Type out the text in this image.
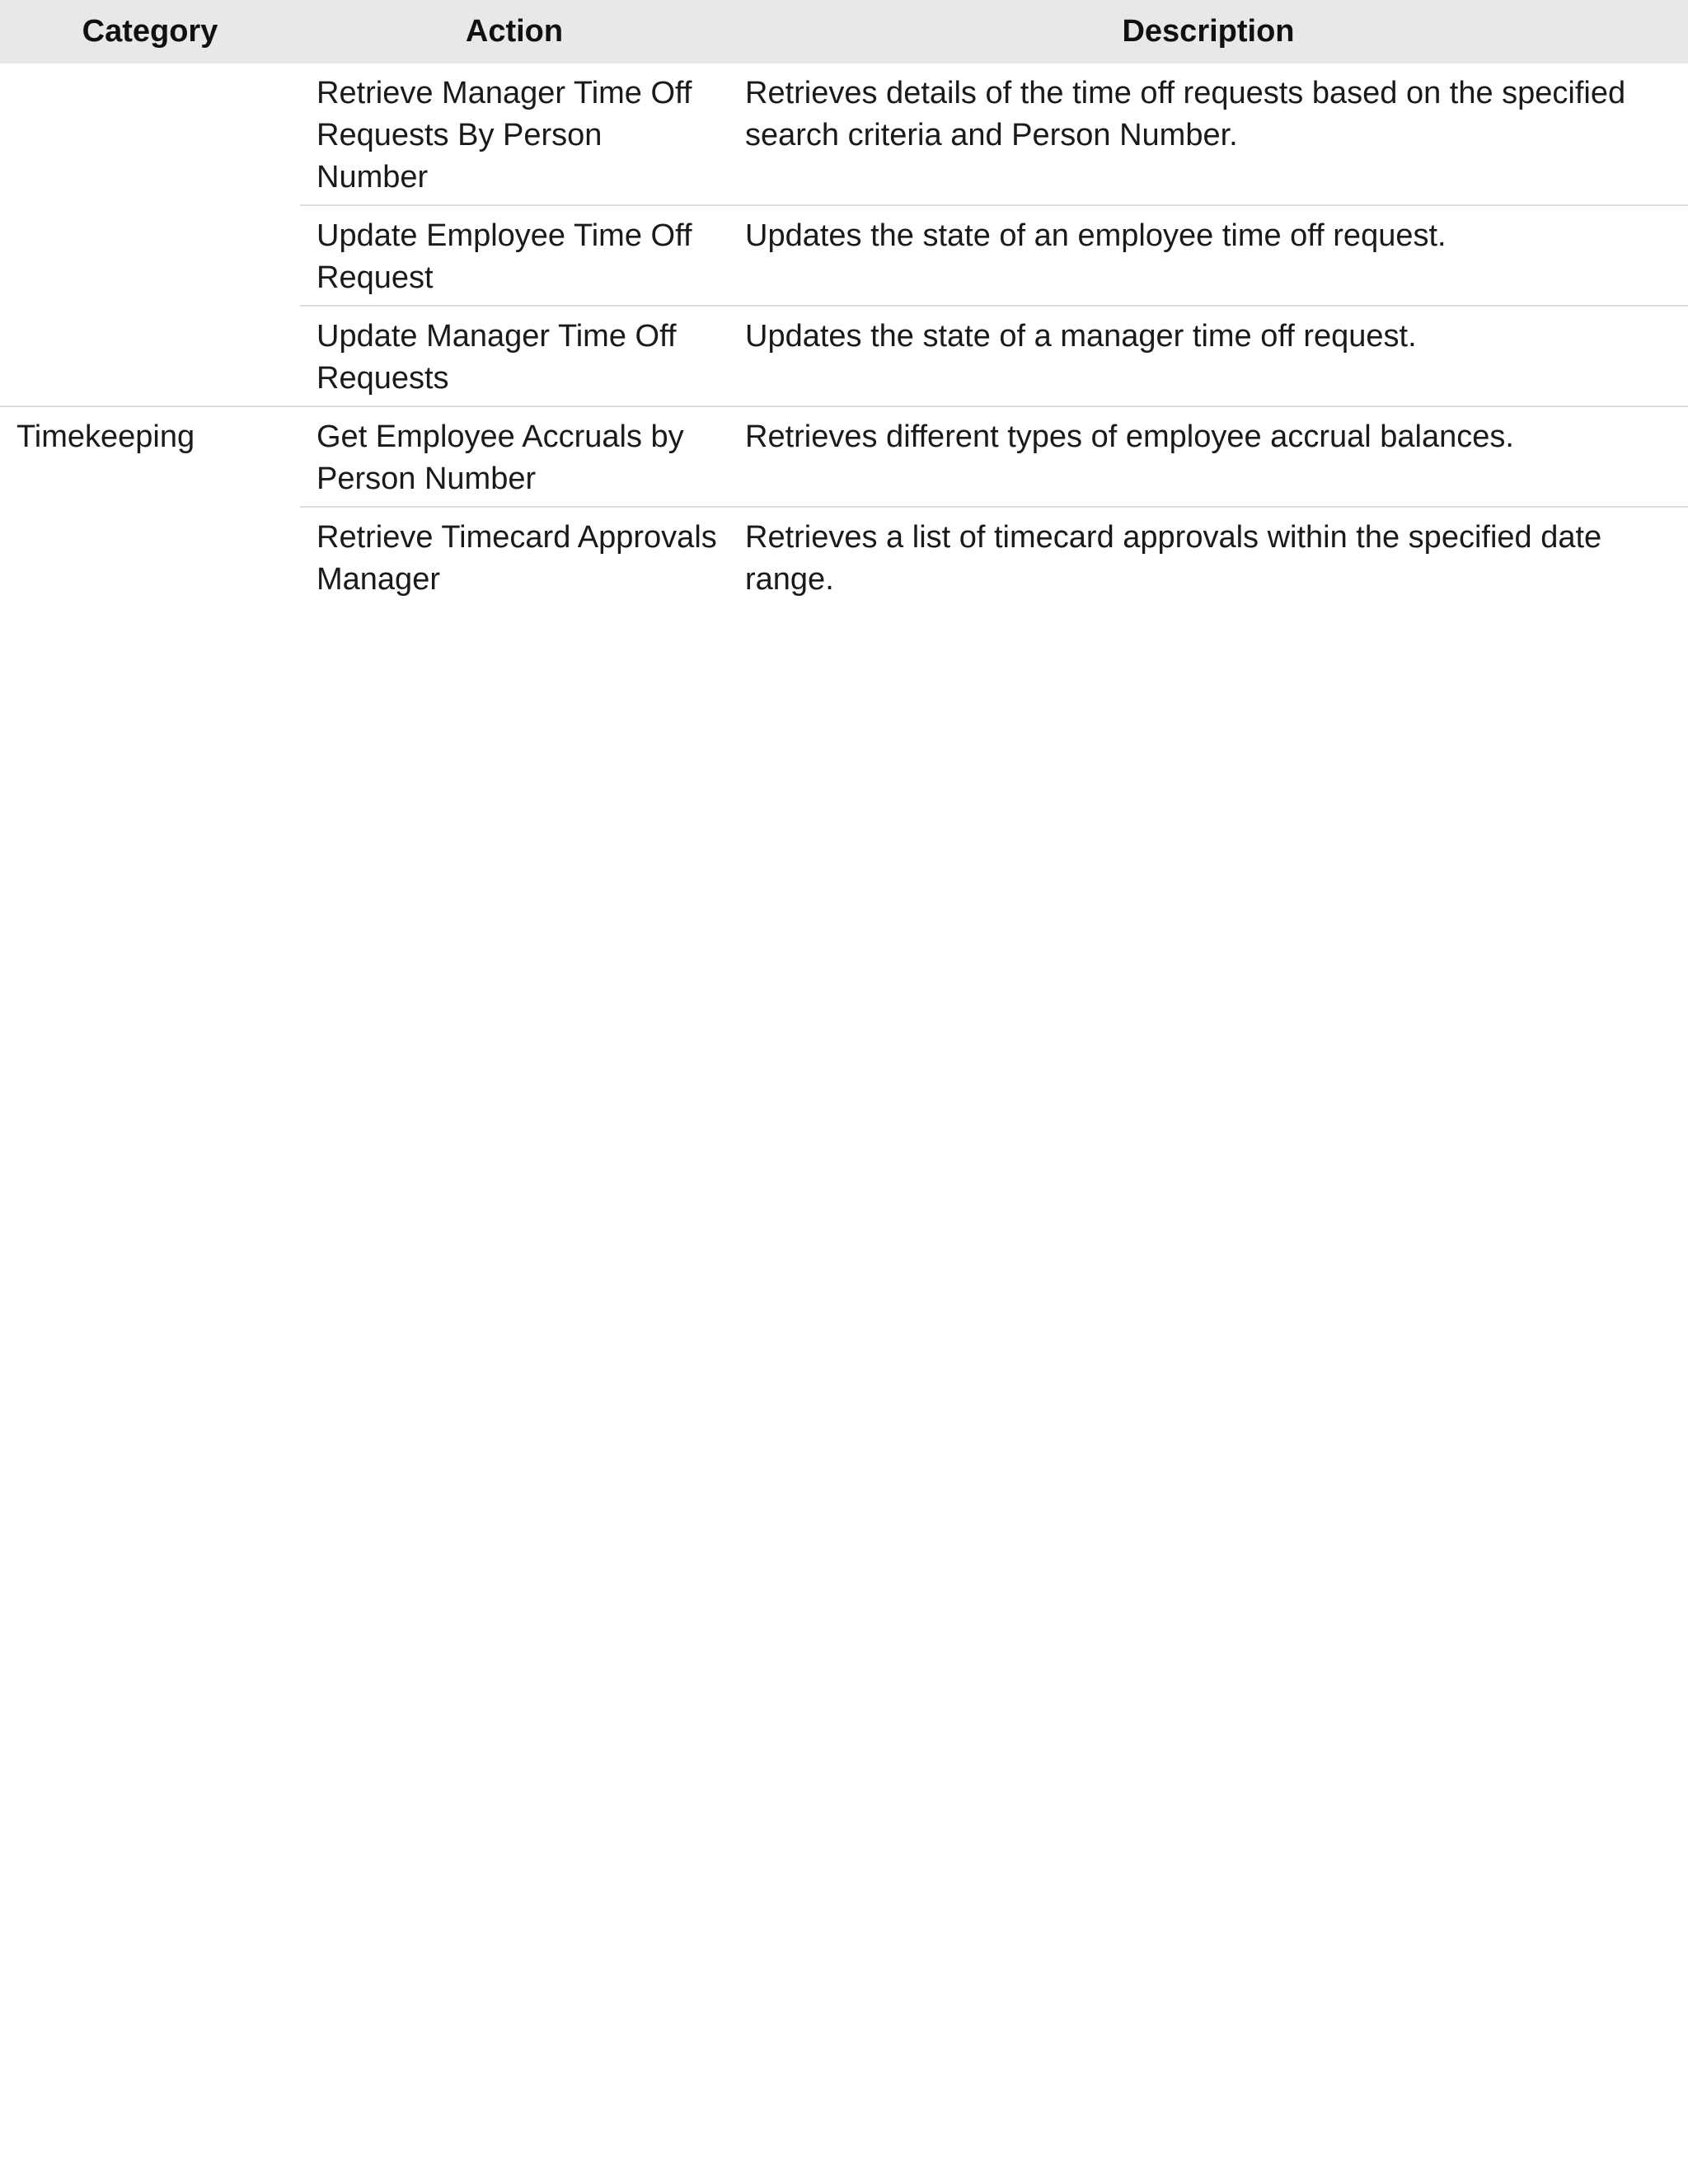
Category	Action	Description
	Retrieve Manager Time Off Requests By Person Number	Retrieves details of the time off requests based on the specified search criteria and Person Number.
	Update Employee Time Off Request	Updates the state of an employee time off request.
	Update Manager Time Off Requests	Updates the state of a manager time off request.
Timekeeping	Get Employee Accruals by Person Number	Retrieves different types of employee accrual balances.
	Retrieve Timecard Approvals Manager	Retrieves a list of timecard approvals within the specified date range.
